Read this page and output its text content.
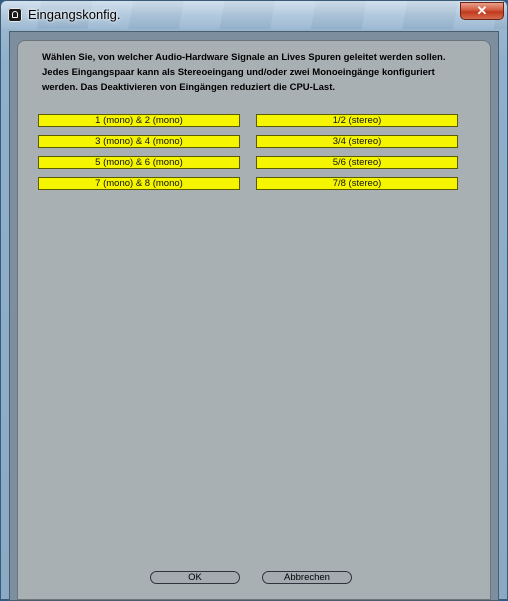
Eingangskonfig.	✕

Wählen Sie, von welcher Audio-Hardware Signale an Lives Spuren geleitet werden sollen. Jedes Eingangspaar kann als Stereoeingang und/oder zwei Monoeingänge konfiguriert werden. Das Deaktivieren von Eingängen reduziert die CPU-Last.

1 (mono) & 2 (mono)
3 (mono) & 4 (mono)
5 (mono) & 6 (mono)
7 (mono) & 8 (mono)
1/2 (stereo)
3/4 (stereo)
5/6 (stereo)
7/8 (stereo)
OK	Abbrechen
